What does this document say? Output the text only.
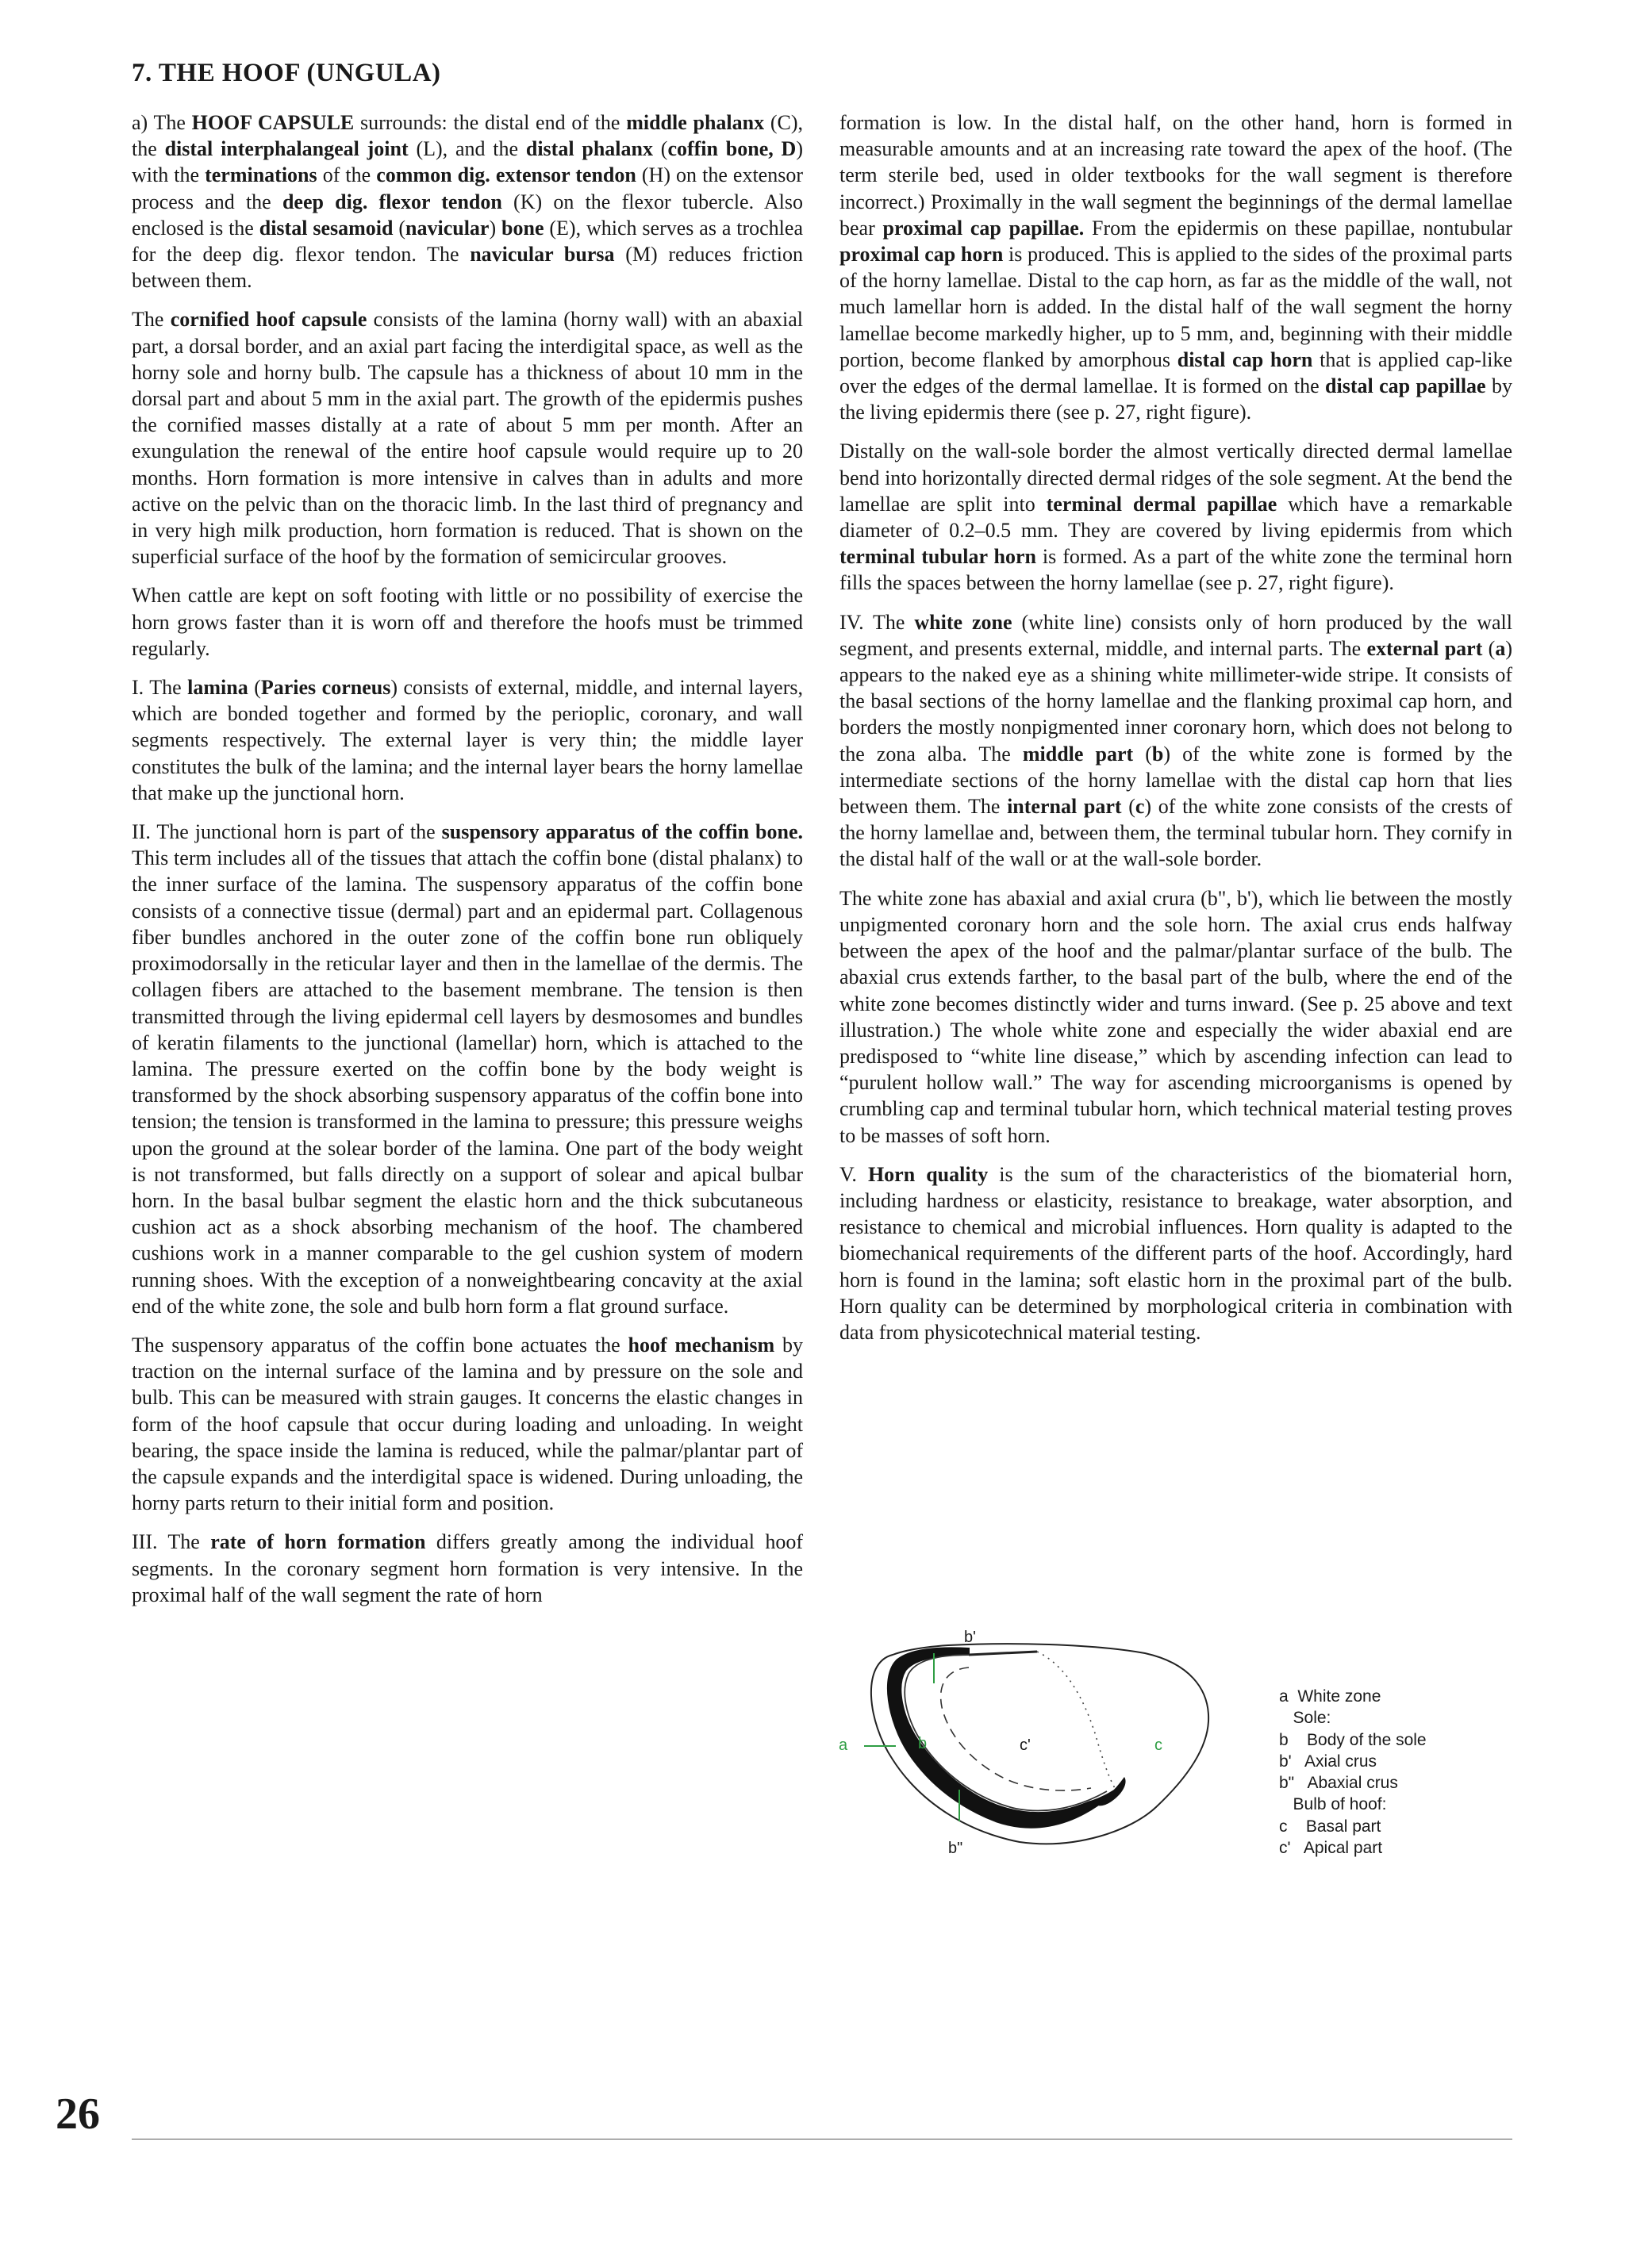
7. THE HOOF (UNGULA)

a) The HOOF CAPSULE surrounds: the distal end of the middle phalanx (C), the distal interphalangeal joint (L), and the distal phalanx (coffin bone, D) with the terminations of the common dig. extensor tendon (H) on the extensor process and the deep dig. flexor tendon (K) on the flexor tubercle. Also enclosed is the distal sesamoid (navicular) bone (E), which serves as a trochlea for the deep dig. flexor tendon. The navicular bursa (M) reduces friction between them.

The cornified hoof capsule consists of the lamina (horny wall) with an abaxial part, a dorsal border, and an axial part facing the interdigital space, as well as the horny sole and horny bulb. The capsule has a thickness of about 10 mm in the dorsal part and about 5 mm in the axial part. The growth of the epidermis pushes the cornified masses distally at a rate of about 5 mm per month. After an exungulation the renewal of the entire hoof capsule would require up to 20 months. Horn formation is more intensive in calves than in adults and more active on the pelvic than on the thoracic limb. In the last third of pregnancy and in very high milk production, horn formation is reduced. That is shown on the superficial surface of the hoof by the formation of semicircular grooves.

When cattle are kept on soft footing with little or no possibility of exercise the horn grows faster than it is worn off and therefore the hoofs must be trimmed regularly.

I. The lamina (Paries corneus) consists of external, middle, and internal layers, which are bonded together and formed by the perioplic, coronary, and wall segments respectively. The external layer is very thin; the middle layer constitutes the bulk of the lamina; and the internal layer bears the horny lamellae that make up the junctional horn.

II. The junctional horn is part of the suspensory apparatus of the coffin bone. This term includes all of the tissues that attach the coffin bone (distal phalanx) to the inner surface of the lamina. The suspensory apparatus of the coffin bone consists of a connective tissue (dermal) part and an epidermal part. Collagenous fiber bundles anchored in the outer zone of the coffin bone run obliquely proximodorsally in the reticular layer and then in the lamellae of the dermis. The collagen fibers are attached to the basement membrane. The tension is then transmitted through the living epidermal cell layers by desmosomes and bundles of keratin filaments to the junctional (lamellar) horn, which is attached to the lamina. The pressure exerted on the coffin bone by the body weight is transformed by the shock absorbing suspensory apparatus of the coffin bone into tension; the tension is transformed in the lamina to pressure; this pressure weighs upon the ground at the solear border of the lamina. One part of the body weight is not transformed, but falls directly on a support of solear and apical bulbar horn. In the basal bulbar segment the elastic horn and the thick subcutaneous cushion act as a shock absorbing mechanism of the hoof. The chambered cushions work in a manner comparable to the gel cushion system of modern running shoes. With the exception of a nonweightbearing concavity at the axial end of the white zone, the sole and bulb horn form a flat ground surface.

The suspensory apparatus of the coffin bone actuates the hoof mechanism by traction on the internal surface of the lamina and by pressure on the sole and bulb. This can be measured with strain gauges. It concerns the elastic changes in form of the hoof capsule that occur during loading and unloading. In weight bearing, the space inside the lamina is reduced, while the palmar/plantar part of the capsule expands and the interdigital space is widened. During unloading, the horny parts return to their initial form and position.

III. The rate of horn formation differs greatly among the individual hoof segments. In the coronary segment horn formation is very intensive. In the proximal half of the wall segment the rate of horn

formation is low. In the distal half, on the other hand, horn is formed in measurable amounts and at an increasing rate toward the apex of the hoof. (The term sterile bed, used in older textbooks for the wall segment is therefore incorrect.) Proximally in the wall segment the beginnings of the dermal lamellae bear proximal cap papillae. From the epidermis on these papillae, nontubular proximal cap horn is produced. This is applied to the sides of the proximal parts of the horny lamellae. Distal to the cap horn, as far as the middle of the wall, not much lamellar horn is added. In the distal half of the wall segment the horny lamellae become markedly higher, up to 5 mm, and, beginning with their middle portion, become flanked by amorphous distal cap horn that is applied cap-like over the edges of the dermal lamellae. It is formed on the distal cap papillae by the living epidermis there (see p. 27, right figure).

Distally on the wall-sole border the almost vertically directed dermal lamellae bend into horizontally directed dermal ridges of the sole segment. At the bend the lamellae are split into terminal dermal papillae which have a remarkable diameter of 0.2–0.5 mm. They are covered by living epidermis from which terminal tubular horn is formed. As a part of the white zone the terminal horn fills the spaces between the horny lamellae (see p. 27, right figure).

IV. The white zone (white line) consists only of horn produced by the wall segment, and presents external, middle, and internal parts. The external part (a) appears to the naked eye as a shining white millimeter-wide stripe. It consists of the basal sections of the horny lamellae and the flanking proximal cap horn, and borders the mostly nonpigmented inner coronary horn, which does not belong to the zona alba. The middle part (b) of the white zone is formed by the intermediate sections of the horny lamellae with the distal cap horn that lies between them. The internal part (c) of the white zone consists of the crests of the horny lamellae and, between them, the terminal tubular horn. They cornify in the distal half of the wall or at the wall-sole border.

The white zone has abaxial and axial crura (b", b'), which lie between the mostly unpigmented coronary horn and the sole horn. The axial crus ends halfway between the apex of the hoof and the palmar/plantar surface of the bulb. The abaxial crus extends farther, to the basal part of the bulb, where the end of the white zone becomes distinctly wider and turns inward. (See p. 25 above and text illustration.) The whole white zone and especially the wider abaxial end are predisposed to “white line disease,” which by ascending infection can lead to “purulent hollow wall.” The way for ascending microorganisms is opened by crumbling cap and terminal tubular horn, which technical material testing proves to be masses of soft horn.

V. Horn quality is the sum of the characteristics of the biomaterial horn, including hardness or elasticity, resistance to breakage, water absorption, and resistance to chemical and microbial influences. Horn quality is adapted to the biomechanical requirements of the different parts of the hoof. Accordingly, hard horn is found in the lamina; soft elastic horn in the proximal part of the bulb. Horn quality can be determined by morphological criteria in combination with data from physicotechnical material testing.

b'
a	b	c'	c
b"
a  White zone
Sole:
b    Body of the sole
b'   Axial crus
b"   Abaxial crus
Bulb of hoof:
c    Basal part
c'   Apical part
26
